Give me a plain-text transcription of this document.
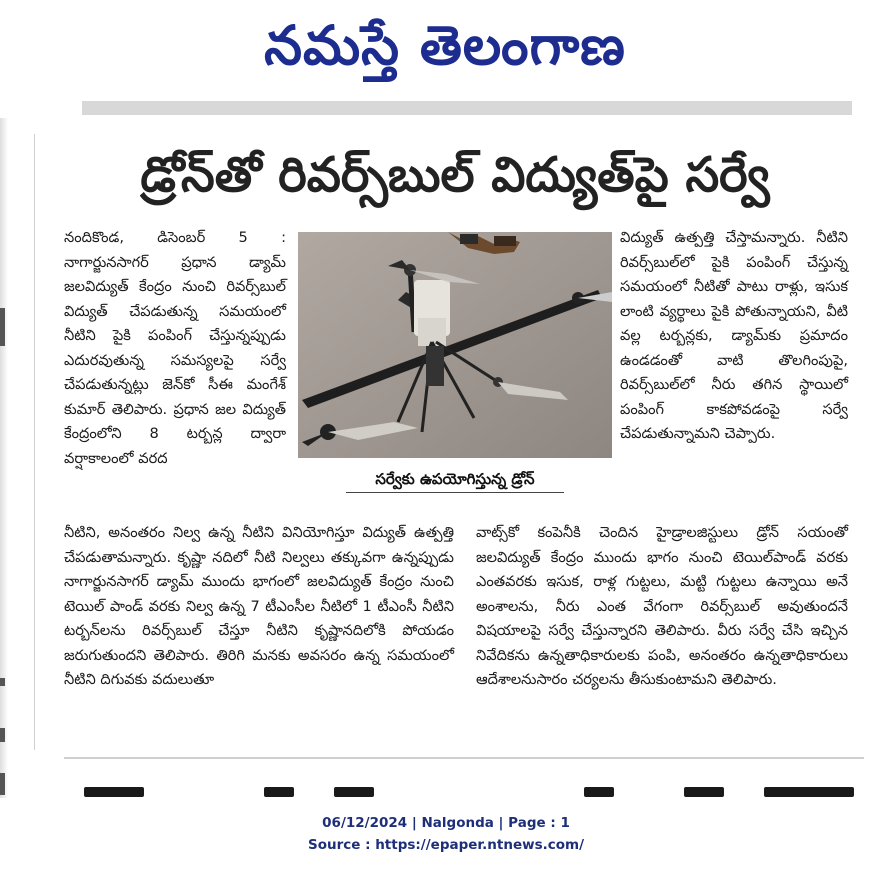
నమస్తే తెలంగాణ
డ్రోన్‌తో రివర్స్‌బుల్ విద్యుత్‌పై సర్వే
నందికొండ, డిసెంబర్ 5 : నాగార్జునసాగర్ ప్రధాన డ్యామ్ జలవిద్యుత్ కేంద్రం నుంచి రివర్స్‌బుల్ విద్యుత్ చేపడుతున్న సమయంలో నీటిని పైకి పంపింగ్ చేస్తున్నప్పుడు ఎదురవుతున్న సమస్యలపై సర్వే చేపడుతున్నట్లు జెన్‌కో సీఈ మంగేశ్ కుమార్ తెలిపారు. ప్రధాన జల విద్యుత్ కేంద్రంలోని 8 టర్బన్ల ద్వారా వర్షాకాలంలో వరద
సర్వేకు ఉపయోగిస్తున్న డ్రోన్
విద్యుత్ ఉత్పత్తి చేస్తామన్నారు. నీటిని రివర్స్‌బుల్‌లో పైకి పంపింగ్ చేస్తున్న సమయంలో నీటితో పాటు రాళ్లు, ఇసుక లాంటి వ్యర్థాలు పైకి పోతున్నాయని, వీటి వల్ల టర్బన్లకు, డ్యామ్‌కు ప్రమాదం ఉండడంతో వాటి తొలగింపుపై, రివర్స్‌బుల్‌లో నీరు తగిన స్థాయిలో పంపింగ్ కాకపోవడంపై సర్వే చేపడుతున్నామని చెప్పారు.
నీటిని, అనంతరం నిల్వ ఉన్న నీటిని వినియోగిస్తూ విద్యుత్ ఉత్పత్తి చేపడుతామన్నారు. కృష్ణా నదిలో నీటి నిల్వలు తక్కువగా ఉన్నప్పుడు నాగార్జునసాగర్ డ్యామ్ ముందు భాగంలో జలవిద్యుత్ కేంద్రం నుంచి టెయిల్ పాండ్ వరకు నిల్వ ఉన్న 7 టీఎంసీల నీటిలో 1 టీఎంసీ నీటిని టర్బన్‌లను రివర్స్‌బుల్ చేస్తూ నీటిని కృష్ణానదిలోకి పోయడం జరుగుతుందని తెలిపారు. తిరిగి మనకు అవసరం ఉన్న సమయంలో నీటిని దిగువకు వదులుతూ
వాట్స్‌కో కంపెనీకి చెందిన హైడ్రాలజిస్టులు డ్రోన్ సయంతో జలవిద్యుత్ కేంద్రం ముందు భాగం నుంచి టెయిల్‌పాండ్ వరకు ఎంతవరకు ఇసుక, రాళ్ల గుట్టలు, మట్టి గుట్టలు ఉన్నాయి అనే అంశాలను, నీరు ఎంత వేగంగా రివర్స్‌బుల్ అవుతుందనే విషయాలపై సర్వే చేస్తున్నారని తెలిపారు. వీరు సర్వే చేసి ఇచ్చిన నివేదికను ఉన్నతాధికారులకు పంపి, అనంతరం ఉన్నతాధికారులు ఆదేశాలనుసారం చర్యలను తీసుకుంటామని తెలిపారు.
06/12/2024 | Nalgonda | Page : 1
Source : https://epaper.ntnews.com/
